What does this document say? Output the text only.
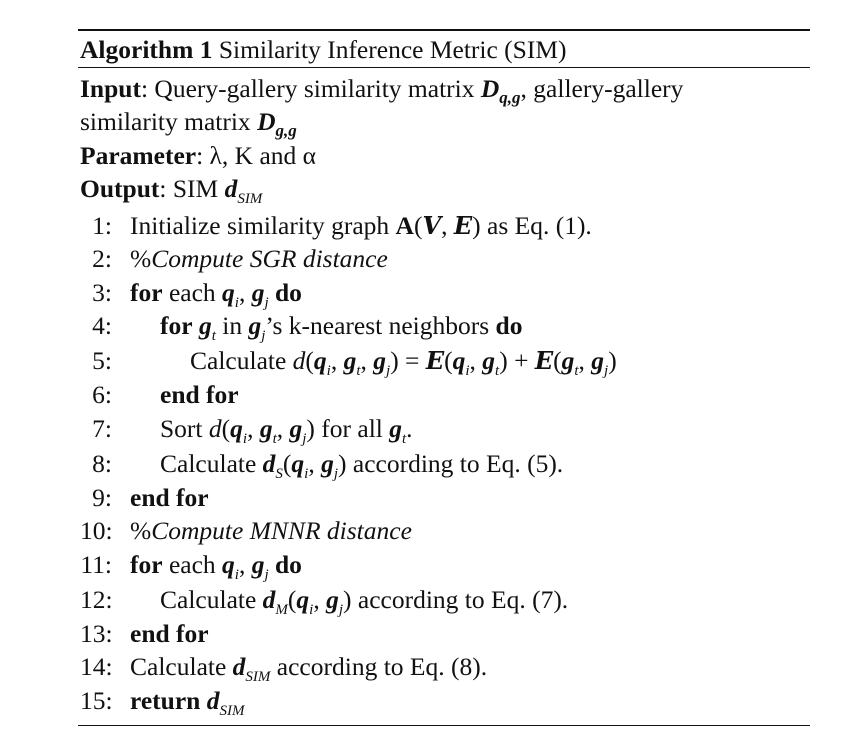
Algorithm 1 Similarity Inference Metric (SIM)
Input: Query-gallery similarity matrix $D_{q,g}$, gallery-gallery
similarity matrix $D_{g,g}$
Parameter: λ, K and α
Output: SIM $d_{SIM}$
1: Initialize similarity graph A(V, E) as Eq. (1).
2: %Compute SGR distance
3: for each $q_i$, $g_j$ do
4: for $g_t$ in $g_j’s$ k-nearest neighbors do
5:	Calculate $d(q_i$, $g_t$, $g_j) = E(q_i$, $g_t) + E(g_t$, $g_j$)
6: end for
7: Sort $d(q_i$, $g_t$, $g_j$) for all $g_t$.
8: Calculate $d_S(q_i$, $g_j$) according to Eq. (5).
9: end for
10: %Compute MNNR distance
11: for each $q_i$, $g_j$ do
12: Calculate $d_M(q_i$, $g_j$) according to Eq. (7).
13: end for
14: Calculate $d_{SIM}$ according to Eq. (8).
15: return $d_{SIM}$
